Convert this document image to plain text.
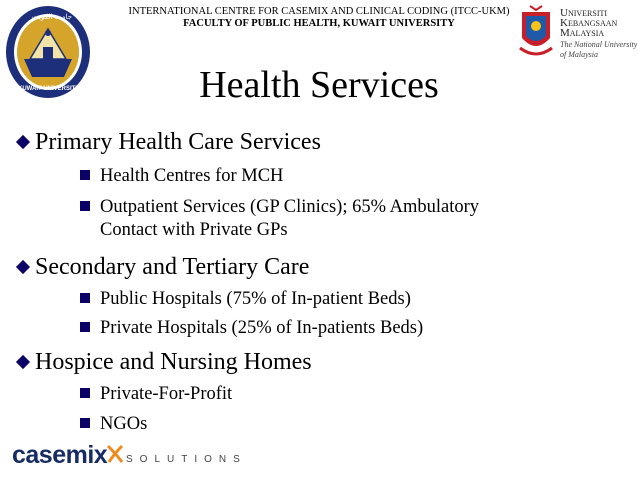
جامعة الكويت
KUWAIT UNIVERSITY
INTERNATIONAL CENTRE FOR CASEMIX AND CLINICAL CODING (ITCC-UKM)
FACULTY OF PUBLIC HEALTH, KUWAIT UNIVERSITY
Universiti
Kebangsaan
Malaysia
The National University
of Malaysia
Health Services
Primary Health Care Services
Health Centres for MCH
Outpatient Services (GP Clinics); 65% Ambulatory
Contact with Private GPs
Secondary and Tertiary Care
Public Hospitals (75% of In-patient Beds)
Private Hospitals (25% of In-patients Beds)
Hospice and Nursing Homes
Private-For-Profit
NGOs
casemix SOLUTIONS
